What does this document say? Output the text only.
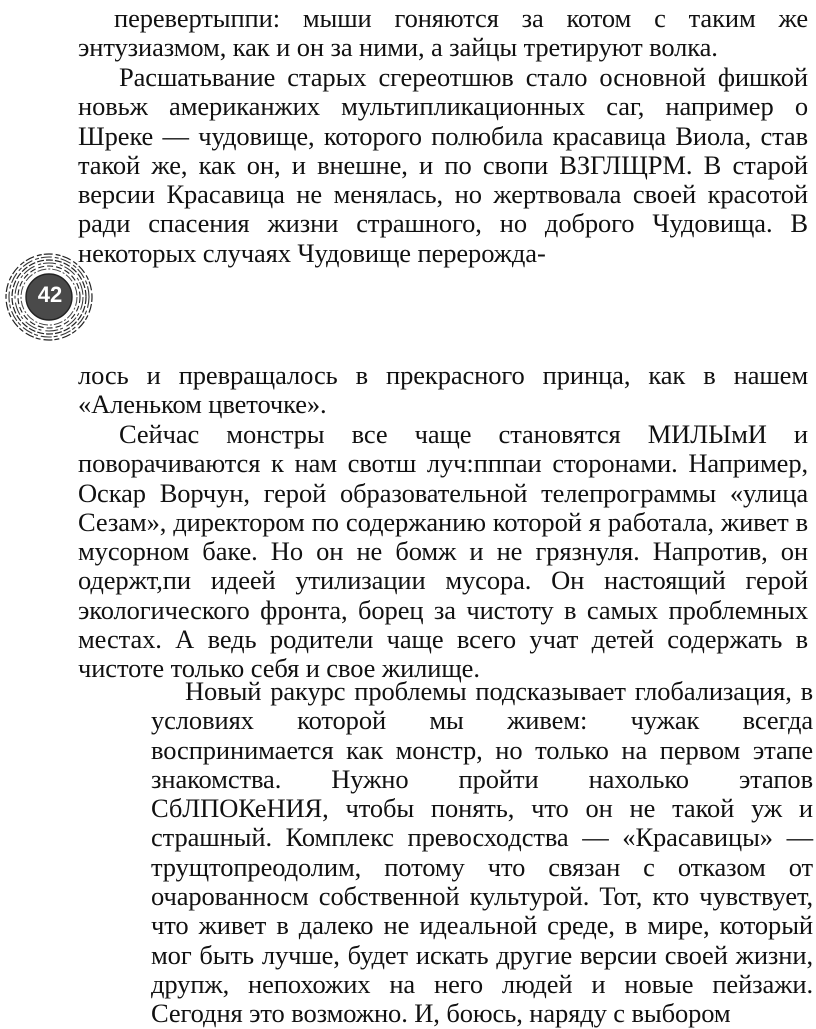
перевертыппи: мыши гоняются за котом с таким же энтузиазмом, как и он за ними, а зайцы третируют волка.

Расшатьвание старых сгереотшюв стало основной фишкой новьж американжих мультипликационных саг, например о Шреке — чудовище, которого полюбила красавица Виола, став такой же, как он, и внешне, и по свопи ВЗГЛЩРМ. В старой версии Красавица не менялась, но жертвовала своей красотой ради спасения жизни страшного, но доброго Чудовища. В некоторых случаях Чудовище перерожда-

42

лось и превращалось в прекрасного принца, как в нашем «Аленьком цветочке».

Сейчас монстры все чаще становятся МИЛЫмИ и поворачиваются к нам свотш луч:пппаи сторонами. Например, Оскар Ворчун, герой образовательной телепрограммы «улица Сезам», директором по содержанию которой я работала, живет в мусорном баке. Но он не бомж и не грязнуля. Напротив, он одержт,пи идеей утилизации мусора. Он настоящий герой экологического фронта, борец за чистоту в самых проблемных местах. А ведь родители чаще всего учат детей содержать в чистоте только себя и свое жилище.

Новый ракурс проблемы подсказывает глобализация, в условиях которой мы живем: чужак всегда воспринимается как монстр, но только на первом этапе знакомства. Нужно пройти нахолько этапов СбЛПОКеНИЯ, чтобы понять, что он не такой уж и страшный. Комплекс превосходства — «Красавицы» — трущтопреодолим, потому что связан с отказом от очарованносм собственной культурой. Тот, кто чувствует, что живет в далеко не идеальной среде, в мире, который мог быть лучше, будет искать другие версии своей жизни, друпж, непохожих на него людей и новые пейзажи. Сегодня это возможно. И, боюсь, наряду с выбором
